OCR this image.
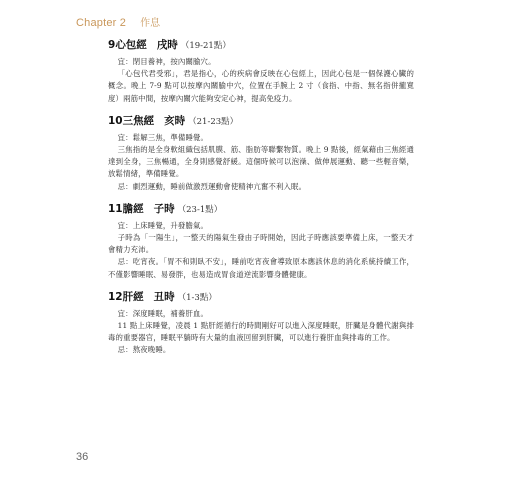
Chapter 2 作息
9心包經 戌時 （19-21點）

宜：閉目養神，按內關腧穴。

「心包代君受邪」，君是指心，心的疾病會反映在心包經上，因此心包是一個保護心臟的概念。晚上 7-9 點可以按摩內關腧中穴，位置在手腕上 2 寸（食指、中指、無名指併攏寬度）兩筋中間，按摩內關穴能夠安定心神，提高免疫力。

10三焦經 亥時 （21-23點）

宜：鬆解三焦，準備睡覺。

三焦指的是全身軟組織包括肌膜、筋、脂肪等聯繫物質。晚上 9 點後，經氣藉由三焦經通達到全身，三焦暢通，全身則感覺舒緩。這個時候可以泡澡、做伸展運動、聽一些輕音樂，放鬆情緒，準備睡覺。

忌：劇烈運動，睡前做激烈運動會使精神亢奮不利入眠。

11膽經 子時 （23-1點）

宜：上床睡覺，升發膽氣。

子時為「一陽生」，一整天的陽氣生發由子時開始，因此子時應該要準備上床，一整天才會精力充沛。

忌：吃宵夜。「胃不和則臥不安」，睡前吃宵夜會導致原本應該休息的消化系統持續工作，不僅影響睡眠、易發胖，也易造成胃食道逆流影響身體健康。

12肝經 丑時 （1-3點）

宜：深度睡眠，補養肝血。

11 點上床睡覺，凌晨 1 點肝經循行的時間剛好可以進入深度睡眠，肝臟是身體代謝與排毒的重要器官，睡眠平躺時有大量的血液回留到肝臟，可以進行養肝血與排毒的工作。

忌：熬夜晚睡。

36
